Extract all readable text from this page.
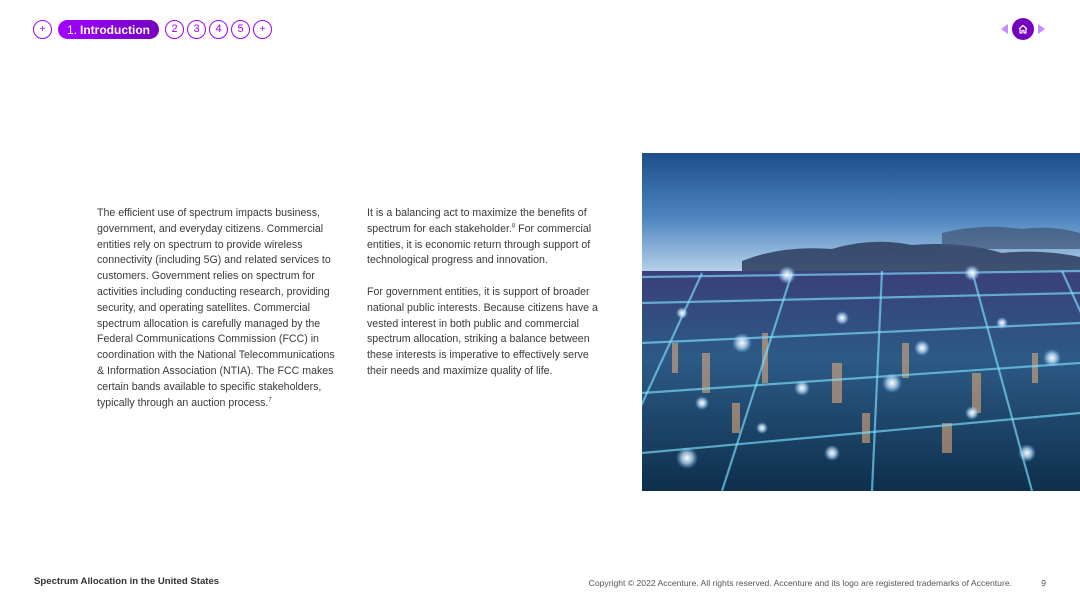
+	1. Introduction	2	3	4	5	+

The efficient use of spectrum impacts business, government, and everyday citizens. Commercial entities rely on spectrum to provide wireless connectivity (including 5G) and related services to customers. Government relies on spectrum for activities including conducting research, providing security, and operating satellites. Commercial spectrum allocation is carefully managed by the Federal Communications Commission (FCC) in coordination with the National Telecommunications & Information Association (NTIA). The FCC makes certain bands available to specific stakeholders, typically through an auction process.$^7$

It is a balancing act to maximize the benefits of spectrum for each stakeholder.$^8$ For commercial entities, it is economic return through support of technological progress and innovation.

For government entities, it is support of broader national public interests. Because citizens have a vested interest in both public and commercial spectrum allocation, striking a balance between these interests is imperative to effectively serve their needs and maximize quality of life.

Spectrum Allocation in the United States	Copyright © 2022 Accenture. All rights reserved. Accenture and its logo are registered trademarks of Accenture.	9
